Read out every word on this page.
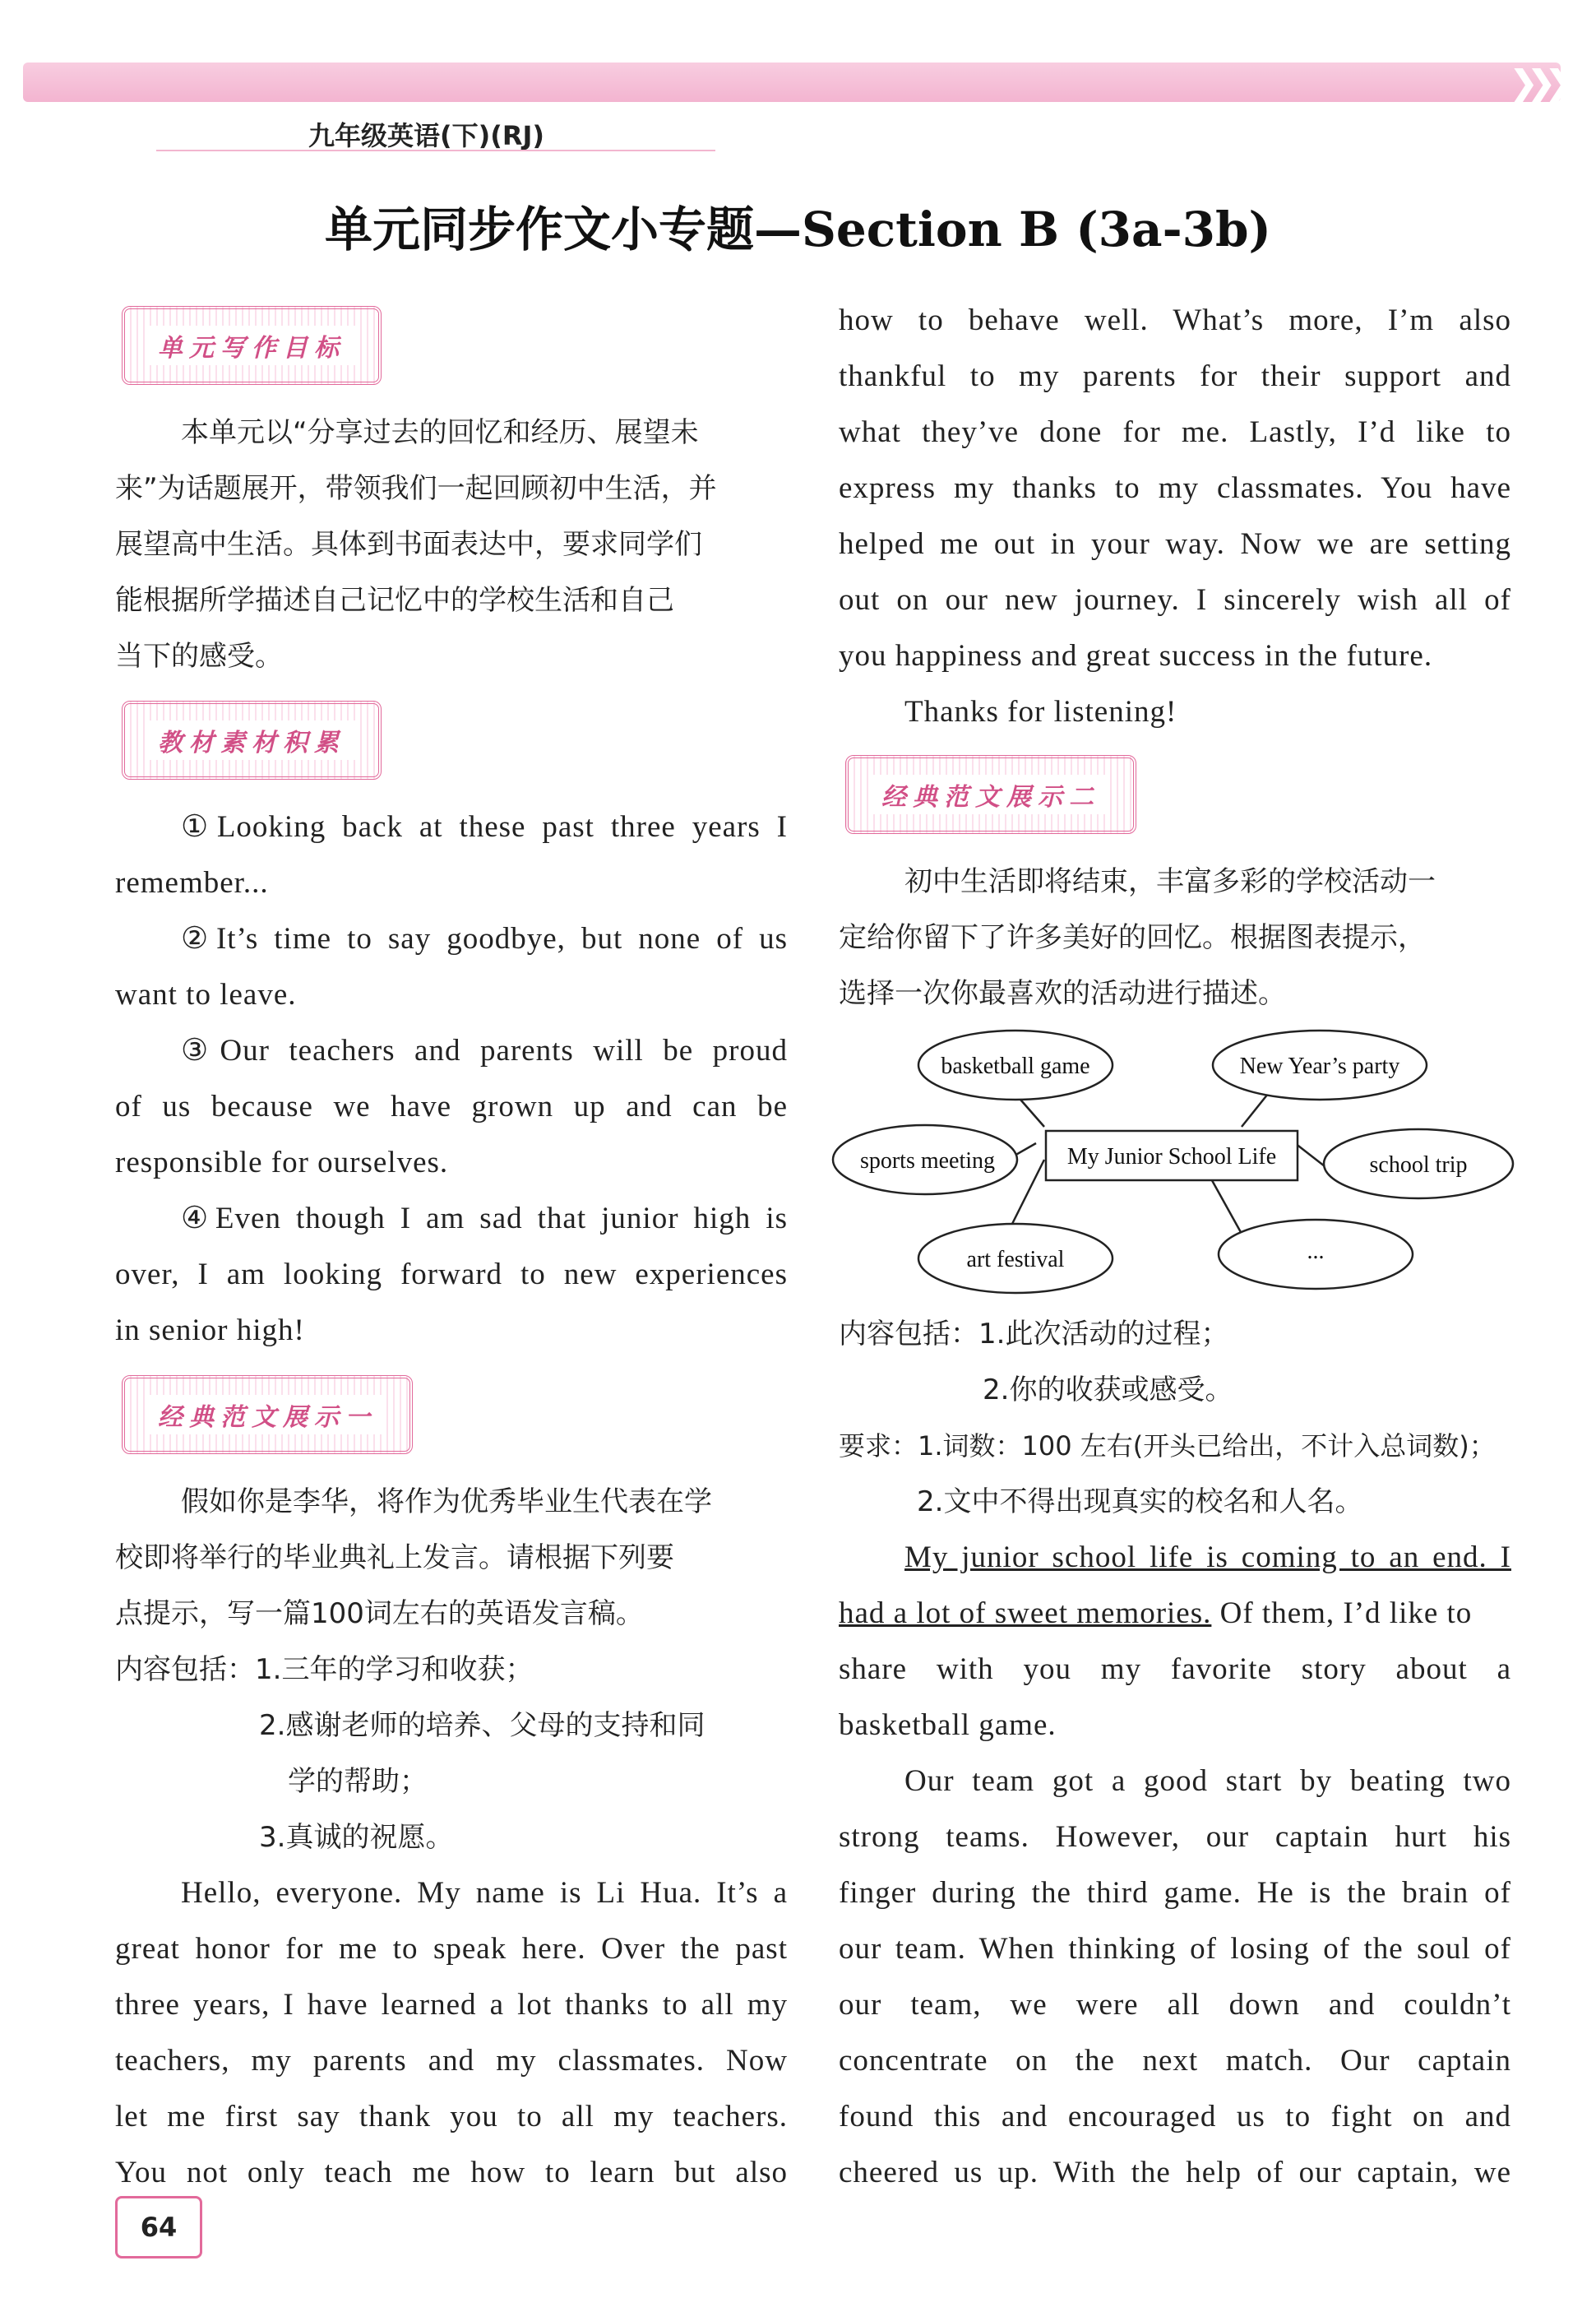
❯❯❯
九年级英语(下)(RJ)
单元同步作文小专题—Section B (3a-3b)
单元写作目标

本单元以“分享过去的回忆和经历、展望未

来”为话题展开，带领我们一起回顾初中生活，并

展望高中生活。具体到书面表达中，要求同学们

能根据所学描述自己记忆中的学校生活和自己

当下的感受。

教材素材积累

①Looking back at these past three years I

remember...

②It’s time to say goodbye, but none of us

want to leave.

③Our teachers and parents will be proud

of us because we have grown up and can be

responsible for ourselves.

④Even though I am sad that junior high is

over, I am looking forward to new experiences

in senior high!

经典范文展示一

假如你是李华，将作为优秀毕业生代表在学

校即将举行的毕业典礼上发言。请根据下列要

点提示，写一篇100词左右的英语发言稿。

内容包括：1.三年的学习和收获；

2.感谢老师的培养、父母的支持和同

学的帮助；

3.真诚的祝愿。

Hello, everyone. My name is Li Hua. It’s a

great honor for me to speak here. Over the past

three years, I have learned a lot thanks to all my

teachers, my parents and my classmates. Now

let me first say thank you to all my teachers.

You not only teach me how to learn but also

64

how to behave well. What’s more, I’m also

thankful to my parents for their support and

what they’ve done for me. Lastly, I’d like to

express my thanks to my classmates. You have

helped me out in your way. Now we are setting

out on our new journey. I sincerely wish all of

you happiness and great success in the future.

Thanks for listening!

经典范文展示二

初中生活即将结束，丰富多彩的学校活动一

定给你留下了许多美好的回忆。根据图表提示，

选择一次你最喜欢的活动进行描述。

basketball game	New Year’s party
sports meeting	school trip
art festival	...
My Junior School Life

内容包括：1.此次活动的过程；

2.你的收获或感受。

要求：1.词数：100 左右(开头已给出，不计入总词数)；

2.文中不得出现真实的校名和人名。

My junior school life is coming to an end. I

had a lot of sweet memories. Of them, I’d like to

share with you my favorite story about a

basketball game.

Our team got a good start by beating two

strong teams. However, our captain hurt his

finger during the third game. He is the brain of

our team. When thinking of losing of the soul of

our team, we were all down and couldn’t

concentrate on the next match. Our captain

found this and encouraged us to fight on and

cheered us up. With the help of our captain, we
